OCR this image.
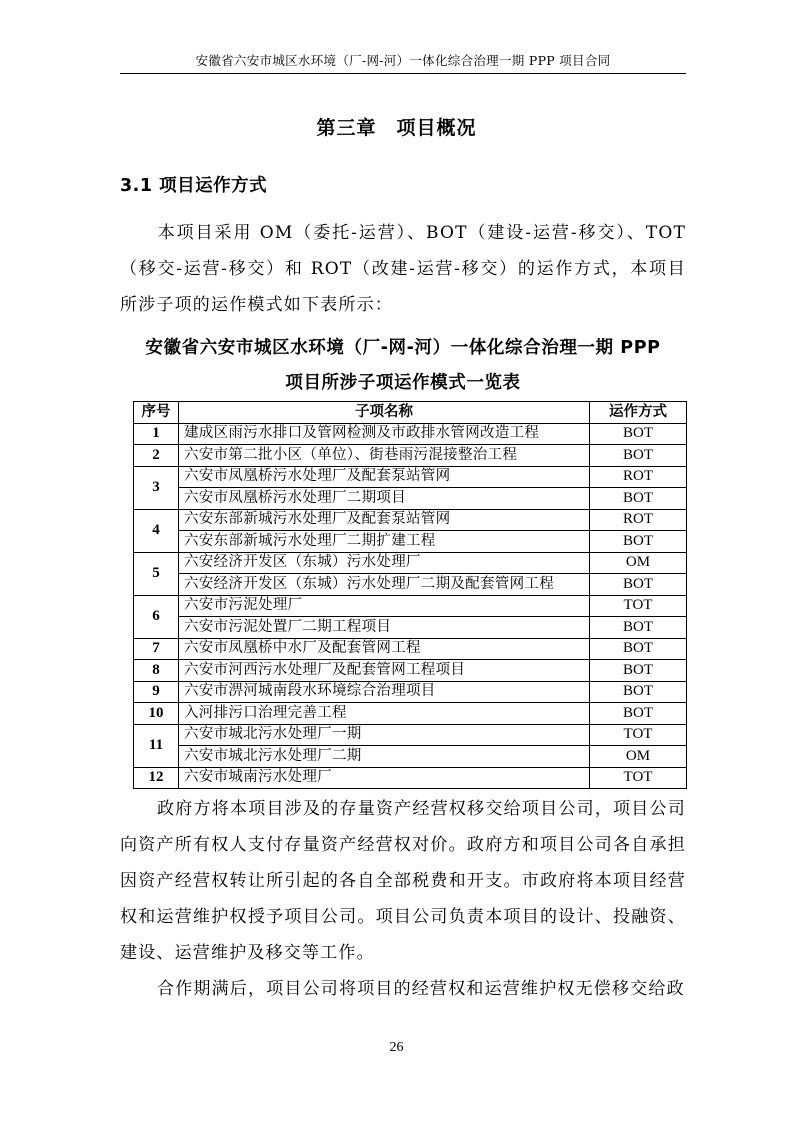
安徽省六安市城区水环境（厂-网-河）一体化综合治理一期 PPP 项目合同
第三章　项目概况
3.1 项目运作方式

本项目采用 OM（委托-运营）、BOT（建设-运营-移交）、TOT（移交-运营-移交）和 ROT（改建-运营-移交）的运作方式，本项目所涉子项的运作模式如下表所示：

安徽省六安市城区水环境（厂-网-河）一体化综合治理一期 PPP
项目所涉子项运作模式一览表
序号	子项名称	运作方式
1	建成区雨污水排口及管网检测及市政排水管网改造工程	BOT
2	六安市第二批小区（单位）、街巷雨污混接整治工程	BOT
3	六安市凤凰桥污水处理厂及配套泵站管网	ROT
	六安市凤凰桥污水处理厂二期项目	BOT
4	六安东部新城污水处理厂及配套泵站管网	ROT
	六安东部新城污水处理厂二期扩建工程	BOT
5	六安经济开发区（东城）污水处理厂	OM
	六安经济开发区（东城）污水处理厂二期及配套管网工程	BOT
6	六安市污泥处理厂	TOT
	六安市污泥处置厂二期工程项目	BOT
7	六安市凤凰桥中水厂及配套管网工程	BOT
8	六安市河西污水处理厂及配套管网工程项目	BOT
9	六安市淠河城南段水环境综合治理项目	BOT
10	入河排污口治理完善工程	BOT
11	六安市城北污水处理厂一期	TOT
	六安市城北污水处理厂二期	OM
12	六安市城南污水处理厂	TOT

政府方将本项目涉及的存量资产经营权移交给项目公司，项目公司向资产所有权人支付存量资产经营权对价。政府方和项目公司各自承担因资产经营权转让所引起的各自全部税费和开支。市政府将本项目经营权和运营维护权授予项目公司。项目公司负责本项目的设计、投融资、建设、运营维护及移交等工作。

合作期满后，项目公司将项目的经营权和运营维护权无偿移交给政

26
